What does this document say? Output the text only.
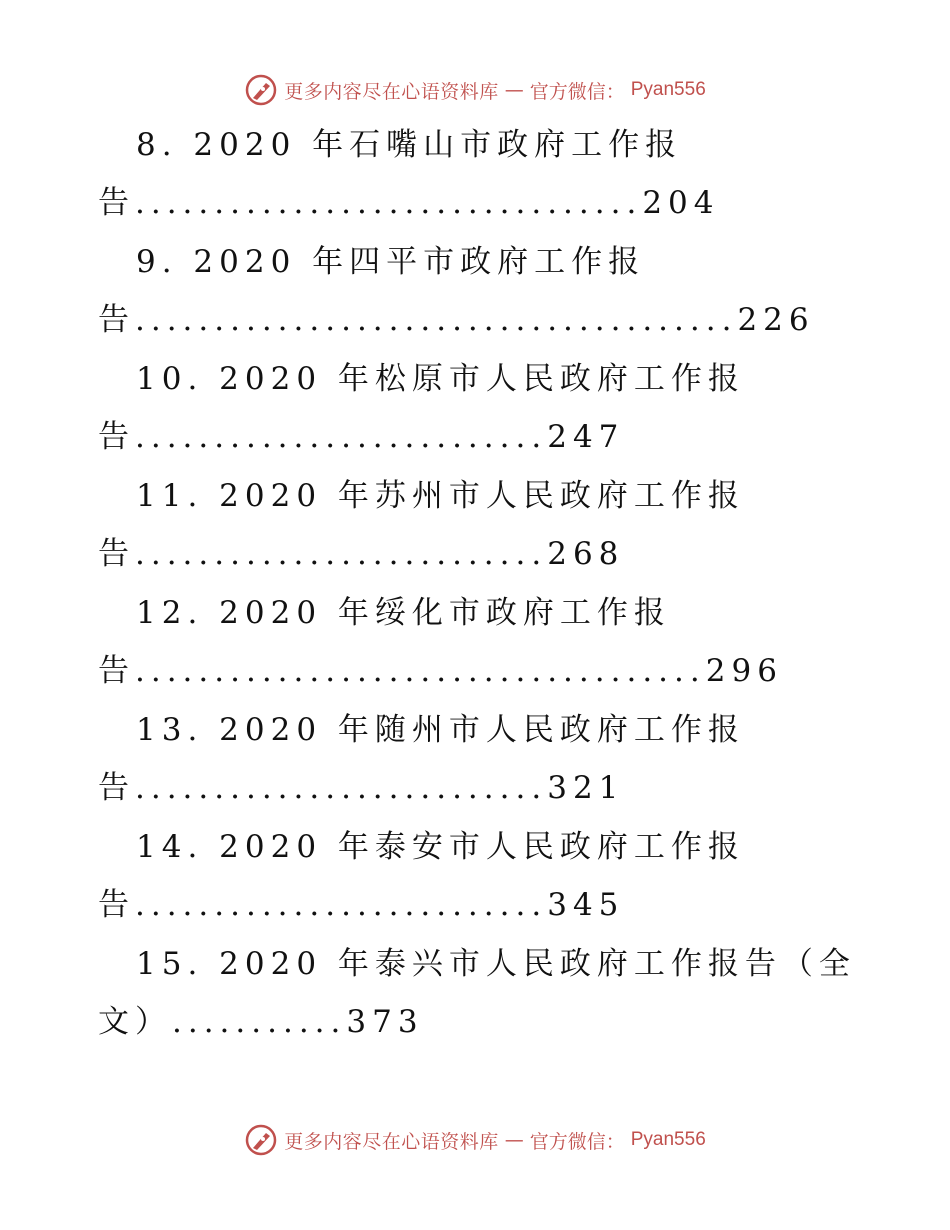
更多内容尽在心语资料库 — 官方微信： Pyan556
8. 2020 年石嘴山市政府工作报
告................................204
9. 2020 年四平市政府工作报
告......................................226
10. 2020 年松原市人民政府工作报
告..........................247
11. 2020 年苏州市人民政府工作报
告..........................268
12. 2020 年绥化市政府工作报
告....................................296
13. 2020 年随州市人民政府工作报
告..........................321
14. 2020 年泰安市人民政府工作报
告..........................345
15. 2020 年泰兴市人民政府工作报告（全
文）...........373
更多内容尽在心语资料库 — 官方微信： Pyan556
